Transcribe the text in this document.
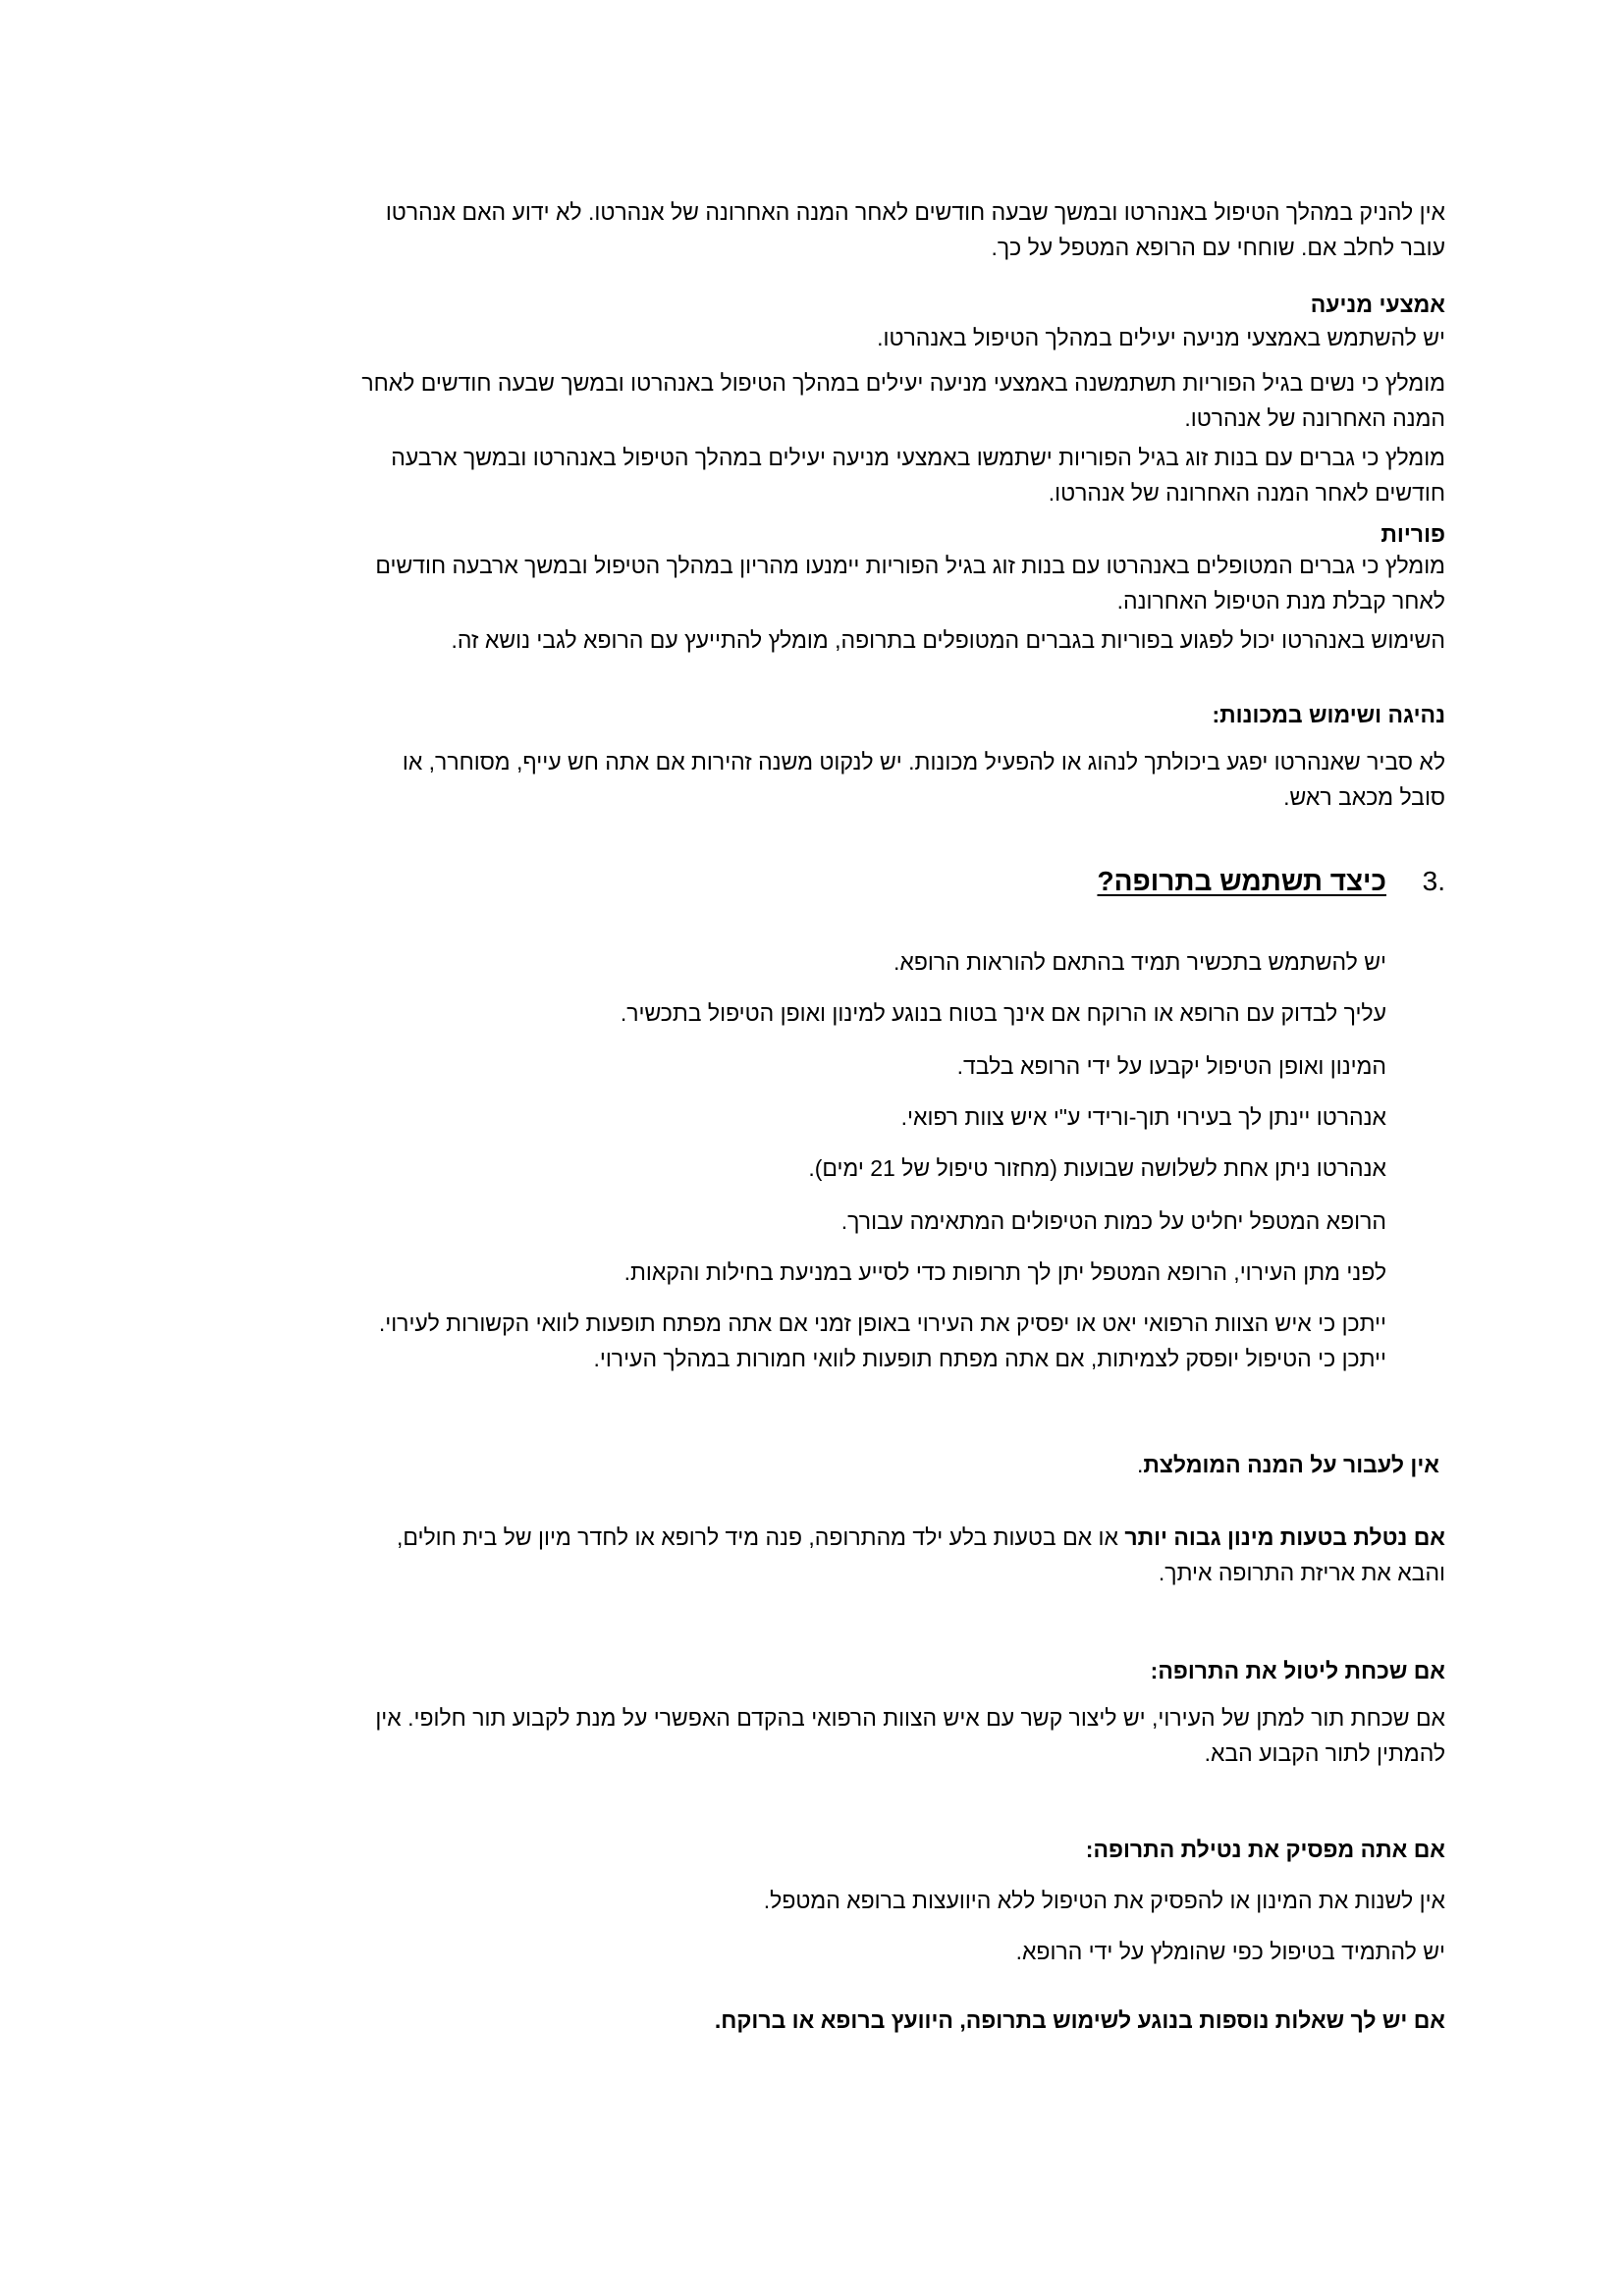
אין להניק במהלך הטיפול באנהרטו ובמשך שבעה חודשים לאחר המנה האחרונה של אנהרטו. לא ידוע האם אנהרטו
עובר לחלב אם. שוחחי עם הרופא המטפל על כך.
אמצעי מניעה
יש להשתמש באמצעי מניעה יעילים במהלך הטיפול באנהרטו.
מומלץ כי נשים בגיל הפוריות תשתמשנה באמצעי מניעה יעילים במהלך הטיפול באנהרטו ובמשך שבעה חודשים לאחר
המנה האחרונה של אנהרטו.
מומלץ כי גברים עם בנות זוג בגיל הפוריות ישתמשו באמצעי מניעה יעילים במהלך הטיפול באנהרטו ובמשך ארבעה
חודשים לאחר המנה האחרונה של אנהרטו.
פוריות
מומלץ כי גברים המטופלים באנהרטו עם בנות זוג בגיל הפוריות יימנעו מהריון במהלך הטיפול ובמשך ארבעה חודשים
לאחר קבלת מנת הטיפול האחרונה.
השימוש באנהרטו יכול לפגוע בפוריות בגברים המטופלים בתרופה, מומלץ להתייעץ עם הרופא לגבי נושא זה.
נהיגה ושימוש במכונות:
לא סביר שאנהרטו יפגע ביכולתך לנהוג או להפעיל מכונות. יש לנקוט משנה זהירות אם אתה חש עייף, מסוחרר, או
סובל מכאב ראש.
3.
כיצד תשתמש בתרופה?
יש להשתמש בתכשיר תמיד בהתאם להוראות הרופא.
עליך לבדוק עם הרופא או הרוקח אם אינך בטוח בנוגע למינון ואופן הטיפול בתכשיר.
המינון ואופן הטיפול יקבעו על ידי הרופא בלבד.
אנהרטו יינתן לך בעירוי תוך-ורידי ע"י איש צוות רפואי.
אנהרטו ניתן אחת לשלושה שבועות (מחזור טיפול של 21 ימים).
הרופא המטפל יחליט על כמות הטיפולים המתאימה עבורך.
לפני מתן העירוי, הרופא המטפל יתן לך תרופות כדי לסייע במניעת בחילות והקאות.
ייתכן כי איש הצוות הרפואי יאט או יפסיק את העירוי באופן זמני אם אתה מפתח תופעות לוואי הקשורות לעירוי.
ייתכן כי הטיפול יופסק לצמיתות, אם אתה מפתח תופעות לוואי חמורות במהלך העירוי.
אין לעבור על המנה המומלצת.
אם נטלת בטעות מינון גבוה יותר או אם בטעות בלע ילד מהתרופה, פנה מיד לרופא או לחדר מיון של בית חולים,
והבא את אריזת התרופה איתך.
אם שכחת ליטול את התרופה:
אם שכחת תור למתן של העירוי, יש ליצור קשר עם איש הצוות הרפואי בהקדם האפשרי על מנת לקבוע תור חלופי. אין
להמתין לתור הקבוע הבא.
אם אתה מפסיק את נטילת התרופה:
אין לשנות את המינון או להפסיק את הטיפול ללא היוועצות ברופא המטפל.
יש להתמיד בטיפול כפי שהומלץ על ידי הרופא.
אם יש לך שאלות נוספות בנוגע לשימוש בתרופה, היוועץ ברופא או ברוקח.
